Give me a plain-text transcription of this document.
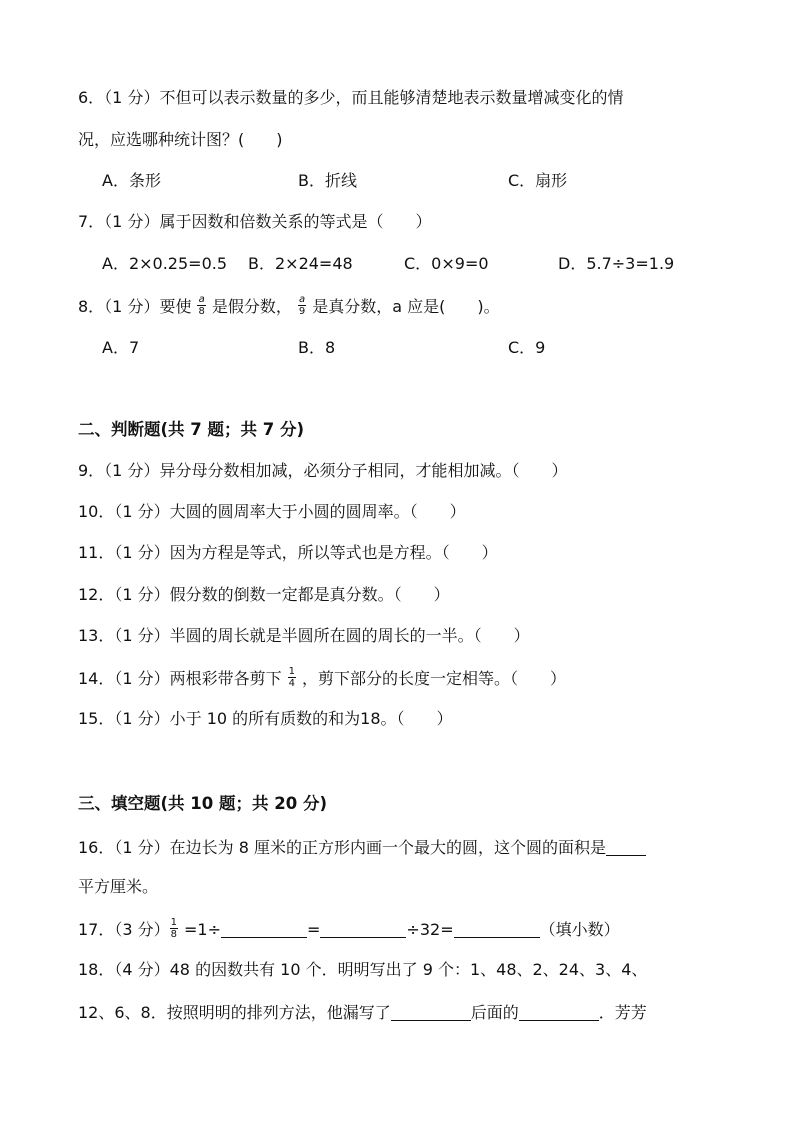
6．（1 分）不但可以表示数量的多少，而且能够清楚地表示数量增减变化的情
况，应选哪种统计图？(　　)
A．条形	B．折线	C．扇形
7．（1 分）属于因数和倍数关系的等式是（　　）
A．2×0.25=0.5 B．2×24=48	C．0×9=0	D．5.7÷3=1.9
8．（1 分）要使 $\frac{a}{8}$ 是假分数， $\frac{a}{9}$ 是真分数，a 应是(　　)。
A．7	B．8	C．9
二、判断题(共 7 题；共 7 分)
9．（1 分）异分母分数相加减，必须分子相同，才能相加减。（　　）
10．（1 分）大圆的圆周率大于小圆的圆周率。（　　）
11．（1 分）因为方程是等式，所以等式也是方程。（　　）
12．（1 分）假分数的倒数一定都是真分数。（　　）
13．（1 分）半圆的周长就是半圆所在圆的周长的一半。（　　）
14．（1 分）两根彩带各剪下 $\frac{1}{4}$ ，剪下部分的长度一定相等。（　　）
15．（1 分）小于 10 的所有质数的和为18。（　　）
三、填空题(共 10 题；共 20 分)
16．（1 分）在边长为 8 厘米的正方形内画一个最大的圆，这个圆的面积是
平方厘米。
17．（3 分） $\frac{1}{8} =1\div$	=	÷32=	（填小数）
18．（4 分）48 的因数共有 10 个．明明写出了 9 个：1、48、2、24、3、4、
12、6、8．按照明明的排列方法，他漏写了	后面的	．芳芳
